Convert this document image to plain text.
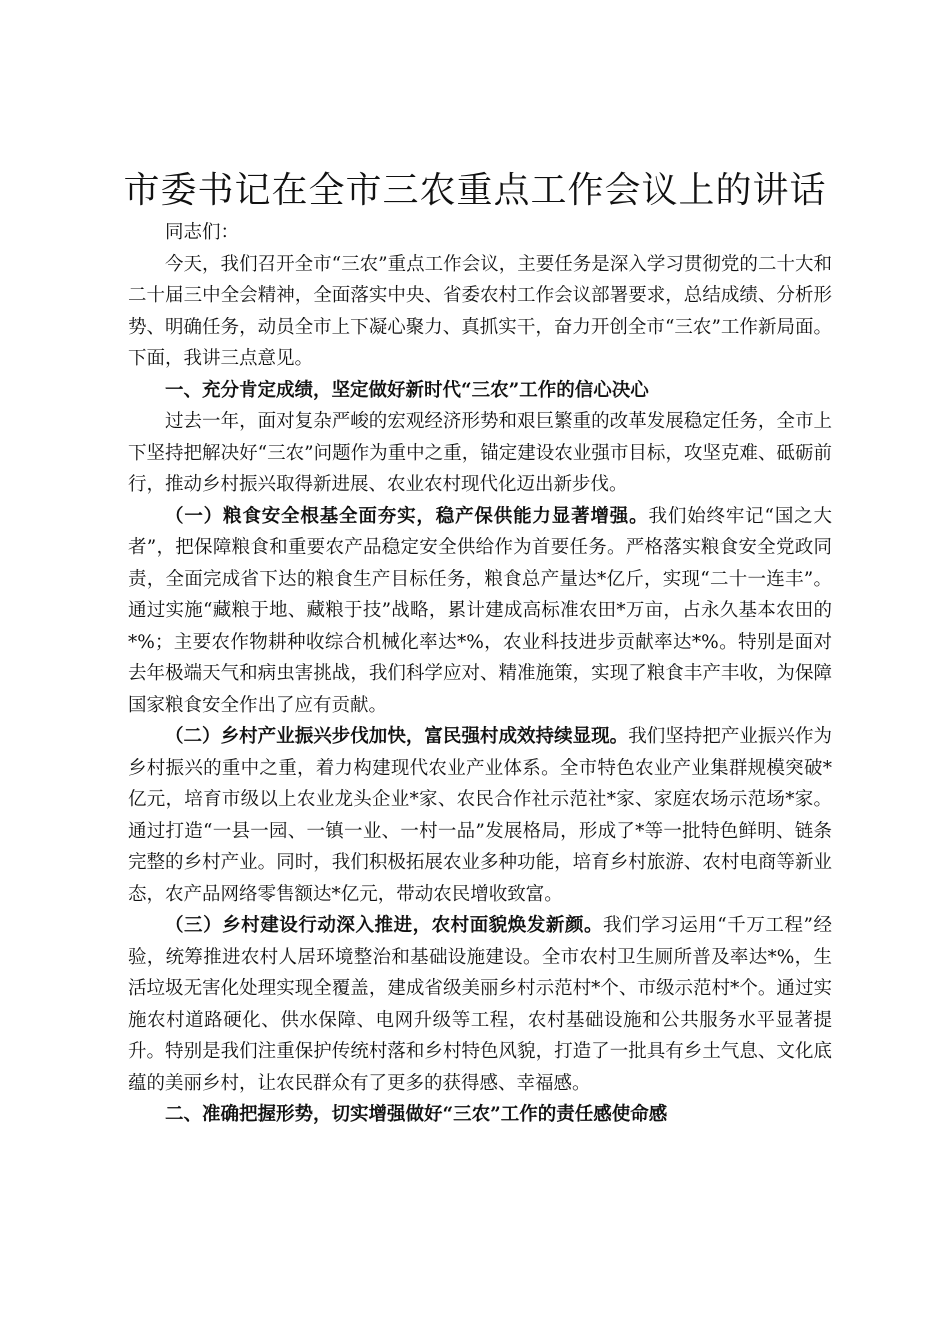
市委书记在全市三农重点工作会议上的讲话

同志们：

今天，我们召开全市“三农”重点工作会议，主要任务是深入学习贯彻党的二十大和二十届三中全会精神，全面落实中央、省委农村工作会议部署要求，总结成绩、分析形势、明确任务，动员全市上下凝心聚力、真抓实干，奋力开创全市“三农”工作新局面。下面，我讲三点意见。

一、充分肯定成绩，坚定做好新时代“三农”工作的信心决心

过去一年，面对复杂严峻的宏观经济形势和艰巨繁重的改革发展稳定任务，全市上下坚持把解决好“三农”问题作为重中之重，锚定建设农业强市目标，攻坚克难、砥砺前行，推动乡村振兴取得新进展、农业农村现代化迈出新步伐。

（一）粮食安全根基全面夯实，稳产保供能力显著增强。我们始终牢记“国之大者”，把保障粮食和重要农产品稳定安全供给作为首要任务。严格落实粮食安全党政同责，全面完成省下达的粮食生产目标任务，粮食总产量达*亿斤，实现“二十一连丰”。通过实施“藏粮于地、藏粮于技”战略，累计建成高标准农田*万亩，占永久基本农田的*%；主要农作物耕种收综合机械化率达*%，农业科技进步贡献率达*%。特别是面对去年极端天气和病虫害挑战，我们科学应对、精准施策，实现了粮食丰产丰收，为保障国家粮食安全作出了应有贡献。

（二）乡村产业振兴步伐加快，富民强村成效持续显现。我们坚持把产业振兴作为乡村振兴的重中之重，着力构建现代农业产业体系。全市特色农业产业集群规模突破*亿元，培育市级以上农业龙头企业*家、农民合作社示范社*家、家庭农场示范场*家。通过打造“一县一园、一镇一业、一村一品”发展格局，形成了*等一批特色鲜明、链条完整的乡村产业。同时，我们积极拓展农业多种功能，培育乡村旅游、农村电商等新业态，农产品网络零售额达*亿元，带动农民增收致富。

（三）乡村建设行动深入推进，农村面貌焕发新颜。我们学习运用“千万工程”经验，统筹推进农村人居环境整治和基础设施建设。全市农村卫生厕所普及率达*%，生活垃圾无害化处理实现全覆盖，建成省级美丽乡村示范村*个、市级示范村*个。通过实施农村道路硬化、供水保障、电网升级等工程，农村基础设施和公共服务水平显著提升。特别是我们注重保护传统村落和乡村特色风貌，打造了一批具有乡土气息、文化底蕴的美丽乡村，让农民群众有了更多的获得感、幸福感。

二、准确把握形势，切实增强做好“三农”工作的责任感使命感
